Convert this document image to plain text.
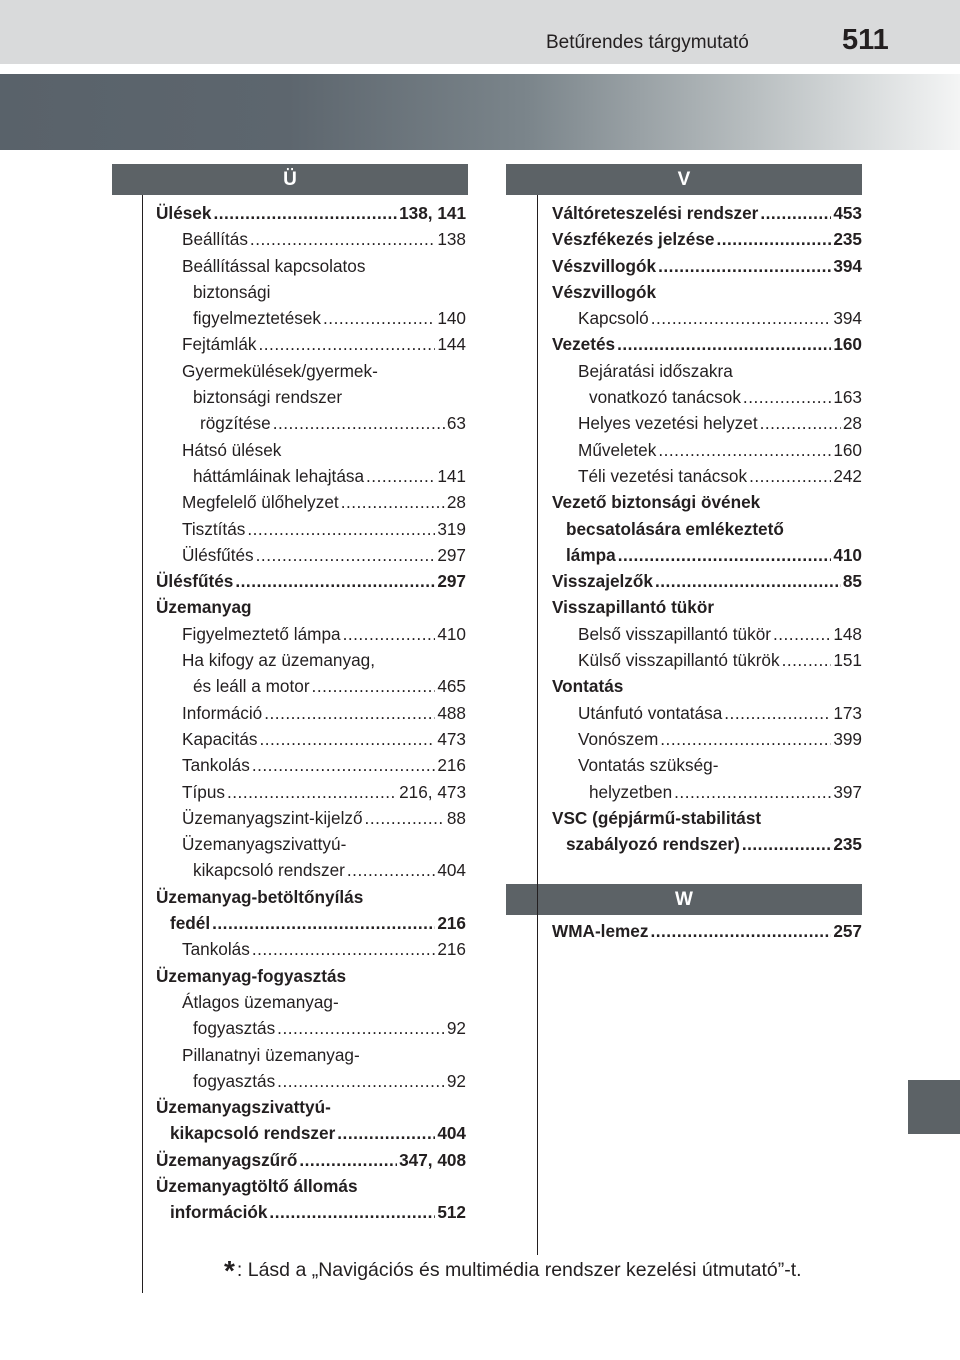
Betűrendes tárgymutató	511
Ü	V
W
Ülések .....	138, 141
Beállítás .....	138
Beállítással kapcsolatos
biztonsági
figyelmeztetések .....	140
Fejtámlák .....	144
Gyermekülések/gyermek-
biztonsági rendszer
rögzítése .....	63
Hátsó ülések
háttámláinak lehajtása .....	141
Megfelelő ülőhelyzet .....	28
Tisztítás .....	319
Ülésfűtés .....	297
Ülésfűtés .....	297
Üzemanyag
Figyelmeztető lámpa .....	410
Ha kifogy az üzemanyag,
és leáll a motor .....	465
Információ .....	488
Kapacitás .....	473
Tankolás .....	216
Típus .....	216, 473
Üzemanyagszint-kijelző .....	88
Üzemanyagszivattyú-
kikapcsoló rendszer .....	404
Üzemanyag-betöltőnyílás
fedél .....	216
Tankolás .....	216
Üzemanyag-fogyasztás
Átlagos üzemanyag-
fogyasztás .....	92
Pillanatnyi üzemanyag-
fogyasztás .....	92
Üzemanyagszivattyú-
kikapcsoló rendszer .....	404
Üzemanyagszűrő .....	347, 408
Üzemanyagtöltő állomás
információk .....	512
Váltóreteszelési rendszer .....	453
Vészfékezés jelzése .....	235
Vészvillogók .....	394
Vészvillogók
Kapcsoló .....	394
Vezetés .....	160
Bejáratási időszakra
vonatkozó tanácsok .....	163
Helyes vezetési helyzet .....	28
Műveletek .....	160
Téli vezetési tanácsok .....	242
Vezető biztonsági övének
becsatolására emlékeztető
lámpa .....	410
Visszajelzők .....	85
Visszapillantó tükör
Belső visszapillantó tükör .....	148
Külső visszapillantó tükrök .....	151
Vontatás
Utánfutó vontatása .....	173
Vonószem .....	399
Vontatás szükség-
helyzetben .....	397
VSC (gépjármű-stabilitást
szabályozó rendszer) .....	235
WMA-lemez .....	257
* : Lásd a „Navigációs és multimédia rendszer kezelési útmutató”-t.
